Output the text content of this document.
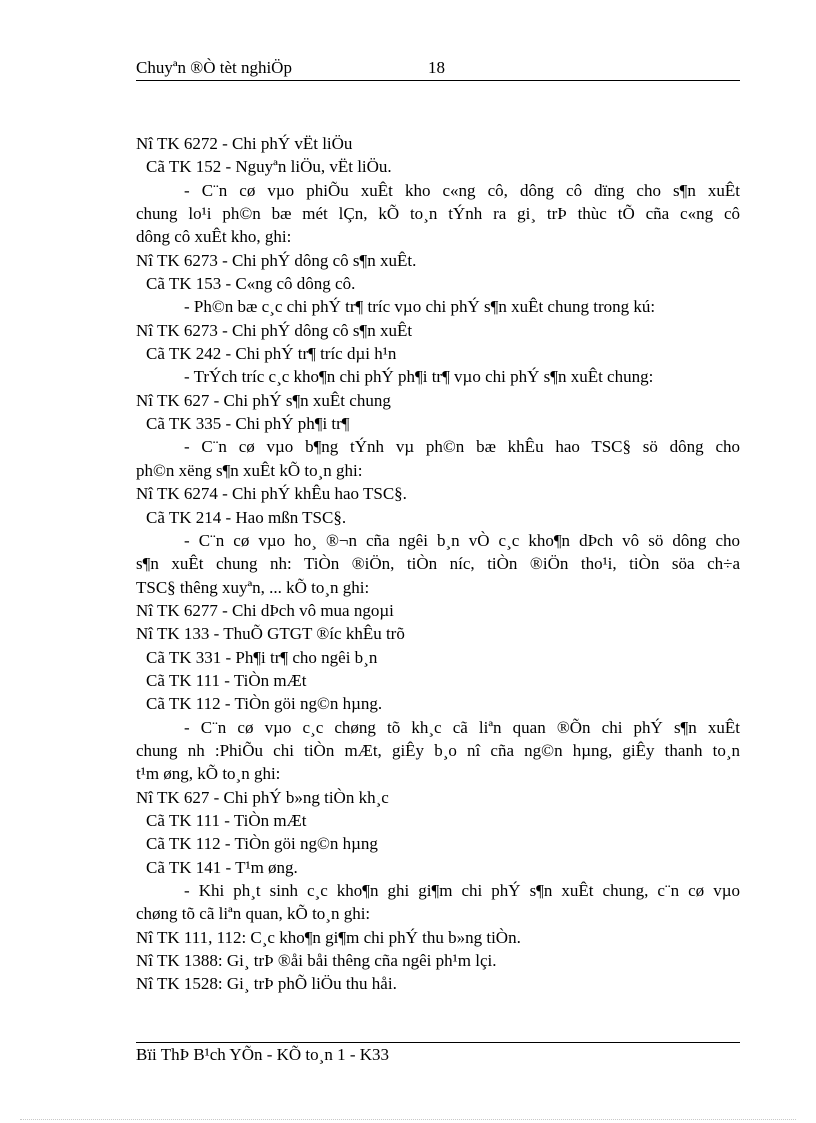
Chuyªn ®Ò tèt nghiÖp	18
Nî TK 6272 - Chi phÝ vËt liÖu
Cã TK 152 - Nguyªn liÖu, vËt liÖu.
- C¨n cø vµo phiÕu xuÊt kho c«ng cô, dông cô dïng cho s¶n xuÊt
chung lo¹i ph©n bæ mét lÇn, kÕ to¸n tÝnh ra gi¸ trÞ thùc tÕ cña c«ng cô
dông cô xuÊt kho, ghi:
Nî TK 6273 - Chi phÝ dông cô s¶n xuÊt.
Cã TK 153 - C«ng cô dông cô.
- Ph©n bæ c¸c chi phÝ tr¶ tríc vµo chi phÝ s¶n xuÊt chung trong kú:
Nî TK 6273 - Chi phÝ dông cô s¶n xuÊt
Cã TK 242 - Chi phÝ tr¶ tríc dµi h¹n
- TrÝch tríc c¸c kho¶n chi phÝ ph¶i tr¶ vµo chi phÝ s¶n xuÊt chung:
Nî TK 627 - Chi phÝ s¶n xuÊt chung
Cã TK 335 - Chi phÝ ph¶i tr¶
- C¨n cø vµo b¶ng tÝnh vµ ph©n bæ khÊu hao TSC§ sö dông cho
ph©n xëng s¶n xuÊt kÕ to¸n ghi:
Nî TK 6274 - Chi phÝ khÊu hao TSC§.
Cã TK 214 - Hao mßn TSC§.
- C¨n cø vµo ho¸ ®¬n cña ngêi b¸n vÒ c¸c kho¶n dÞch vô sö dông cho
s¶n xuÊt chung nh: TiÒn ®iÖn, tiÒn níc, tiÒn ®iÖn tho¹i, tiÒn söa ch÷a
TSC§ thêng xuyªn, ... kÕ to¸n ghi:
Nî TK 6277 - Chi dÞch vô mua ngoµi
Nî TK 133 - ThuÕ GTGT ®íc khÊu trõ
Cã TK 331 - Ph¶i tr¶ cho ngêi b¸n
Cã TK 111 - TiÒn mÆt
Cã TK 112 - TiÒn göi ng©n hµng.
- C¨n cø vµo c¸c chøng tõ kh¸c cã liªn quan ®Õn chi phÝ s¶n xuÊt
chung nh :PhiÕu chi tiÒn mÆt, giÊy b¸o nî cña ng©n hµng, giÊy thanh to¸n
t¹m øng, kÕ to¸n ghi:
Nî TK 627 - Chi phÝ b»ng tiÒn kh¸c
Cã TK 111 - TiÒn mÆt
Cã TK 112 - TiÒn göi ng©n hµng
Cã TK 141 - T¹m øng.
- Khi ph¸t sinh c¸c kho¶n ghi gi¶m chi phÝ s¶n xuÊt chung, c¨n cø vµo
chøng tõ cã liªn quan, kÕ to¸n ghi:
Nî TK 111, 112: C¸c kho¶n gi¶m chi phÝ thu b»ng tiÒn.
Nî TK 1388: Gi¸ trÞ ®åi båi thêng cña ngêi ph¹m lçi.
Nî TK 1528: Gi¸ trÞ phÕ liÖu thu håi.
Bïi ThÞ B¹ch YÕn - KÕ to¸n 1 - K33
